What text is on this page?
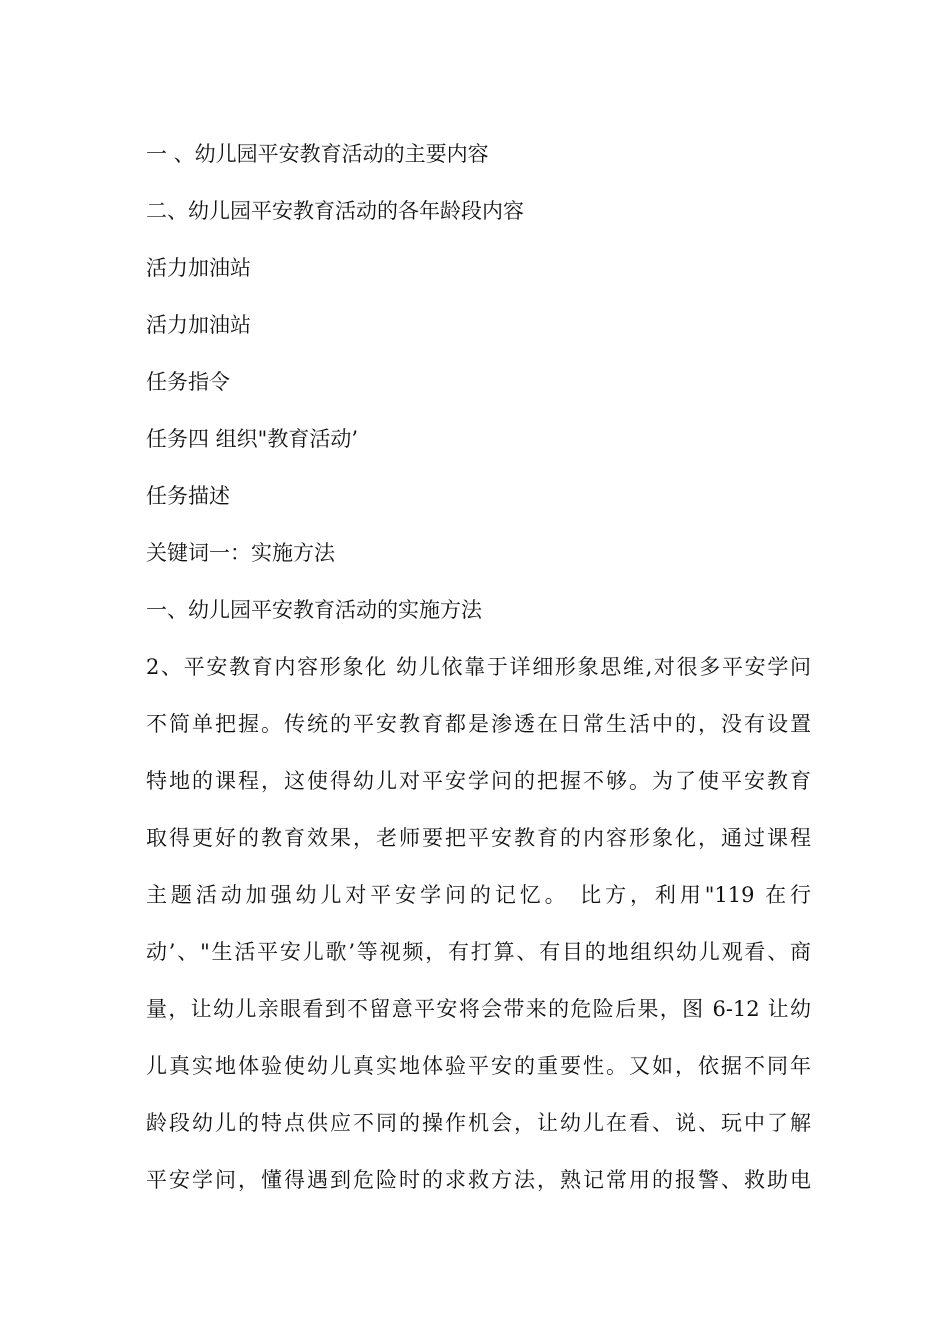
一 、幼儿园平安教育活动的主要内容
二、幼儿园平安教育活动的各年龄段内容
活力加油站
活力加油站
任务指令
任务四 组织"教育活动’
任务描述
关键词一：实施方法
一、幼儿园平安教育活动的实施方法
2、平安教育内容形象化 幼儿依靠于详细形象思维,对很多平安学问
不简单把握。传统的平安教育都是渗透在日常生活中的，没有设置
特地的课程，这使得幼儿对平安学问的把握不够。为了使平安教育
取得更好的教育效果，老师要把平安教育的内容形象化，通过课程
主题活动加强幼儿对平安学问的记忆。 比方，利用"119 在行
动’、"生活平安儿歌’等视频，有打算、有目的地组织幼儿观看、商
量，让幼儿亲眼看到不留意平安将会带来的危险后果，图 6-12 让幼
儿真实地体验使幼儿真实地体验平安的重要性。又如，依据不同年
龄段幼儿的特点供应不同的操作机会，让幼儿在看、说、玩中了解
平安学问，懂得遇到危险时的求救方法，熟记常用的报警、救助电
